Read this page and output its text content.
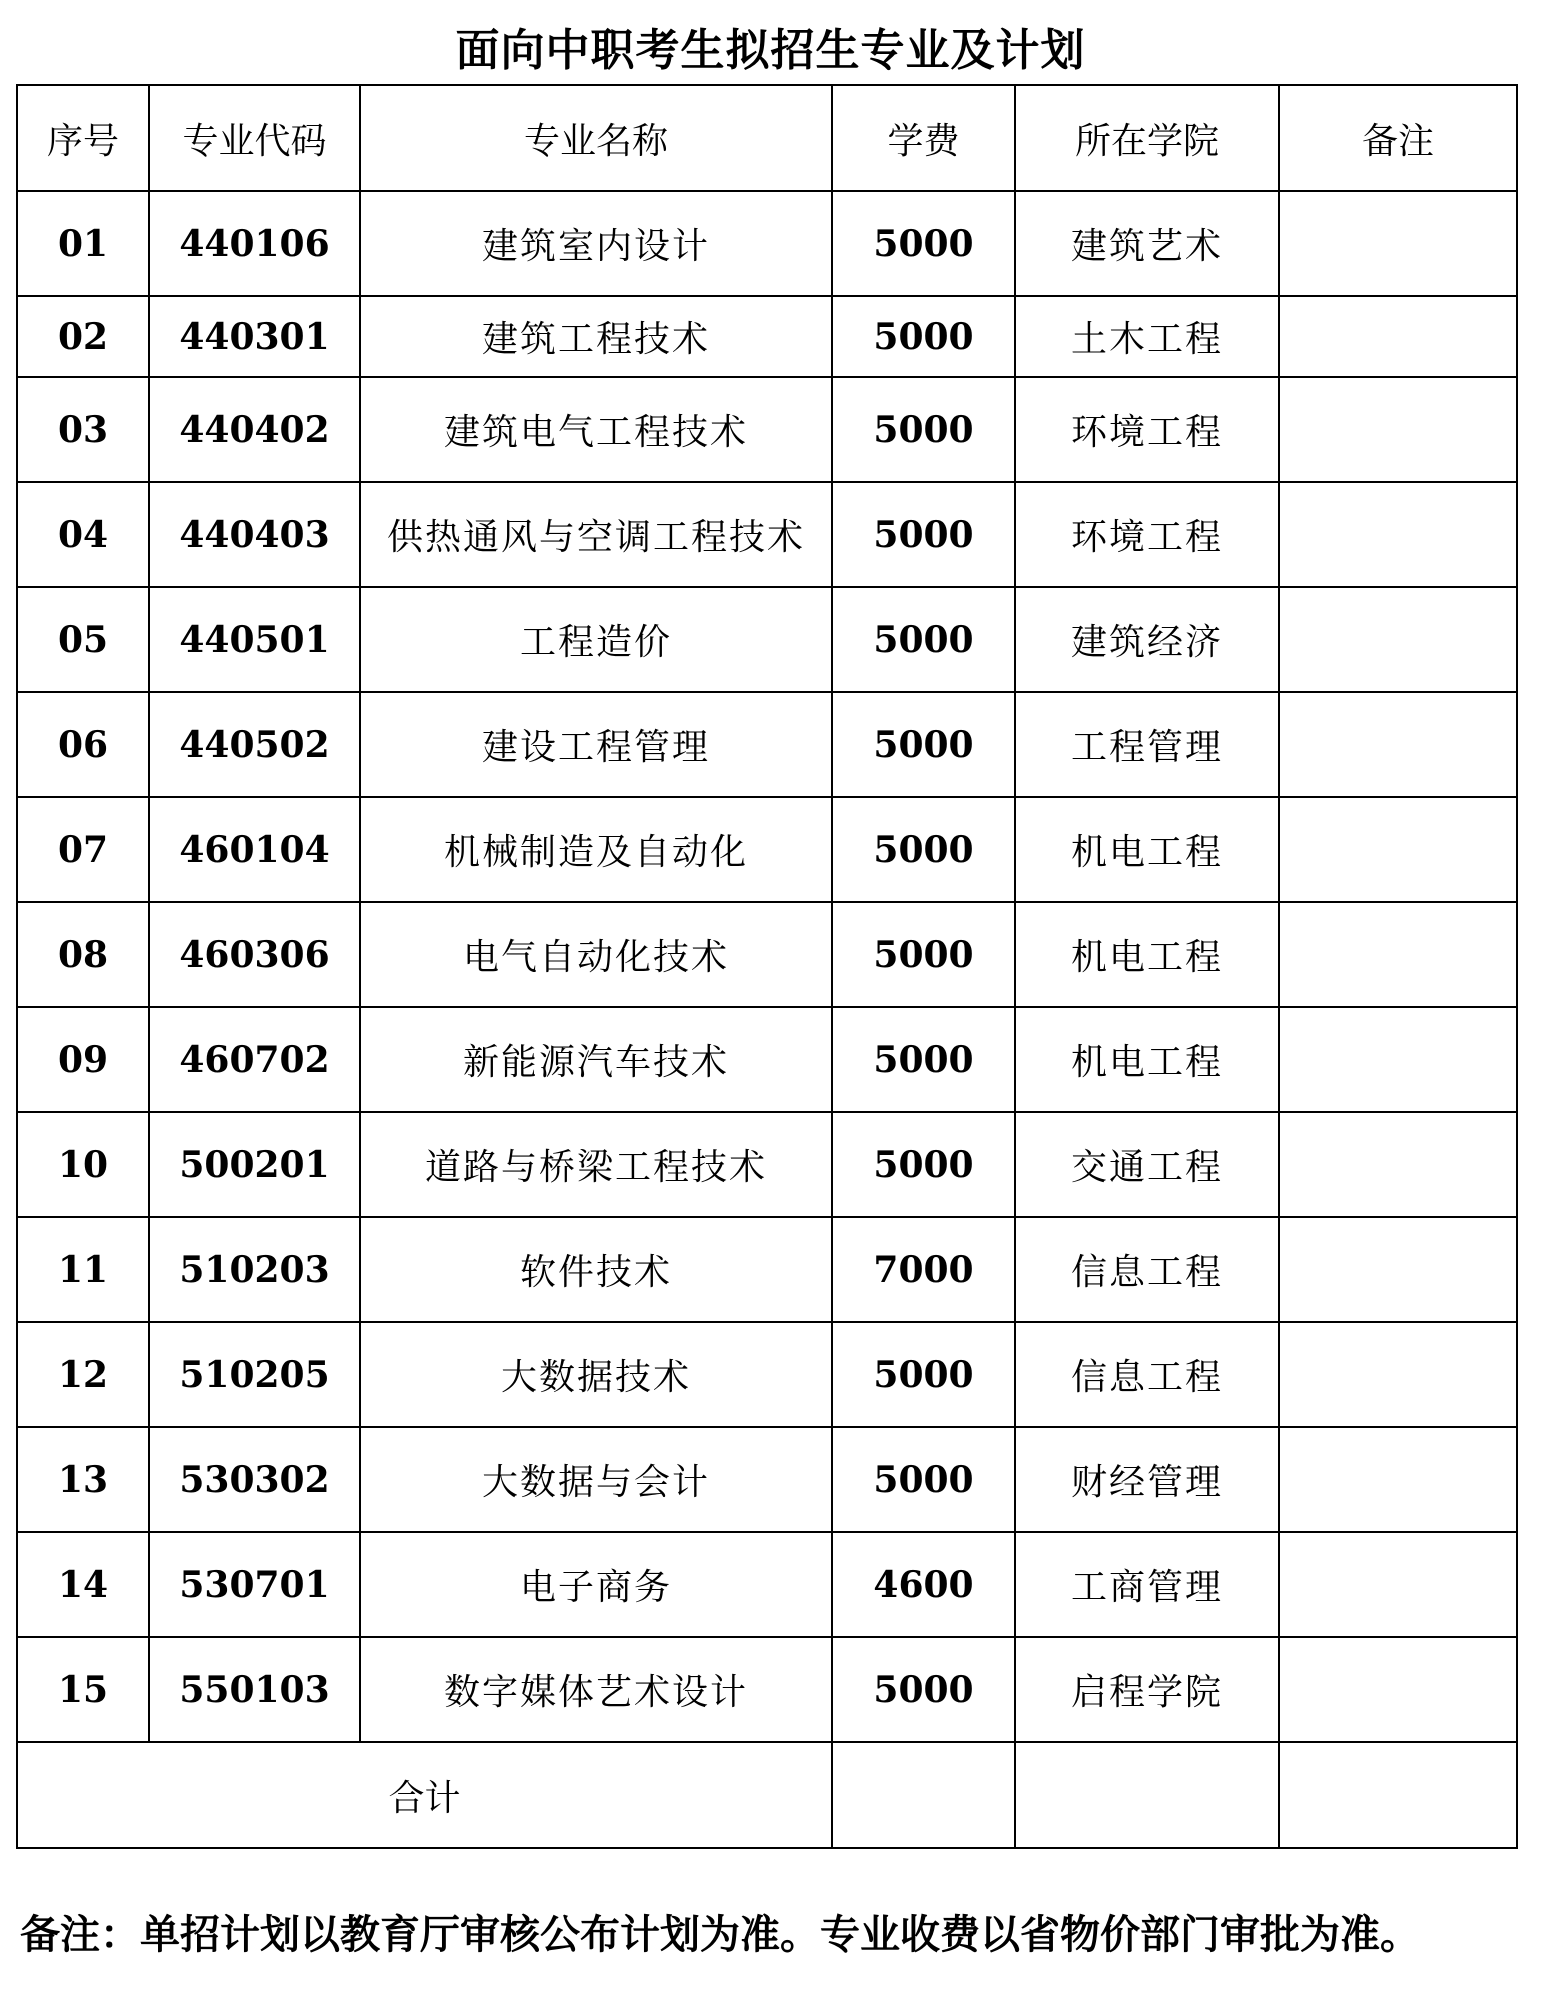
面向中职考生拟招生专业及计划
序号	专业代码	专业名称	学费	所在学院	备注
01	440106	建筑室内设计	5000	建筑艺术	
02	440301	建筑工程技术	5000	土木工程	
03	440402	建筑电气工程技术	5000	环境工程	
04	440403	供热通风与空调工程技术	5000	环境工程	
05	440501	工程造价	5000	建筑经济	
06	440502	建设工程管理	5000	工程管理	
07	460104	机械制造及自动化	5000	机电工程	
08	460306	电气自动化技术	5000	机电工程	
09	460702	新能源汽车技术	5000	机电工程	
10	500201	道路与桥梁工程技术	5000	交通工程	
11	510203	软件技术	7000	信息工程	
12	510205	大数据技术	5000	信息工程	
13	530302	大数据与会计	5000	财经管理	
14	530701	电子商务	4600	工商管理	
15	550103	数字媒体艺术设计	5000	启程学院	
合计					
备注：单招计划以教育厅审核公布计划为准。专业收费以省物价部门审批为准。
